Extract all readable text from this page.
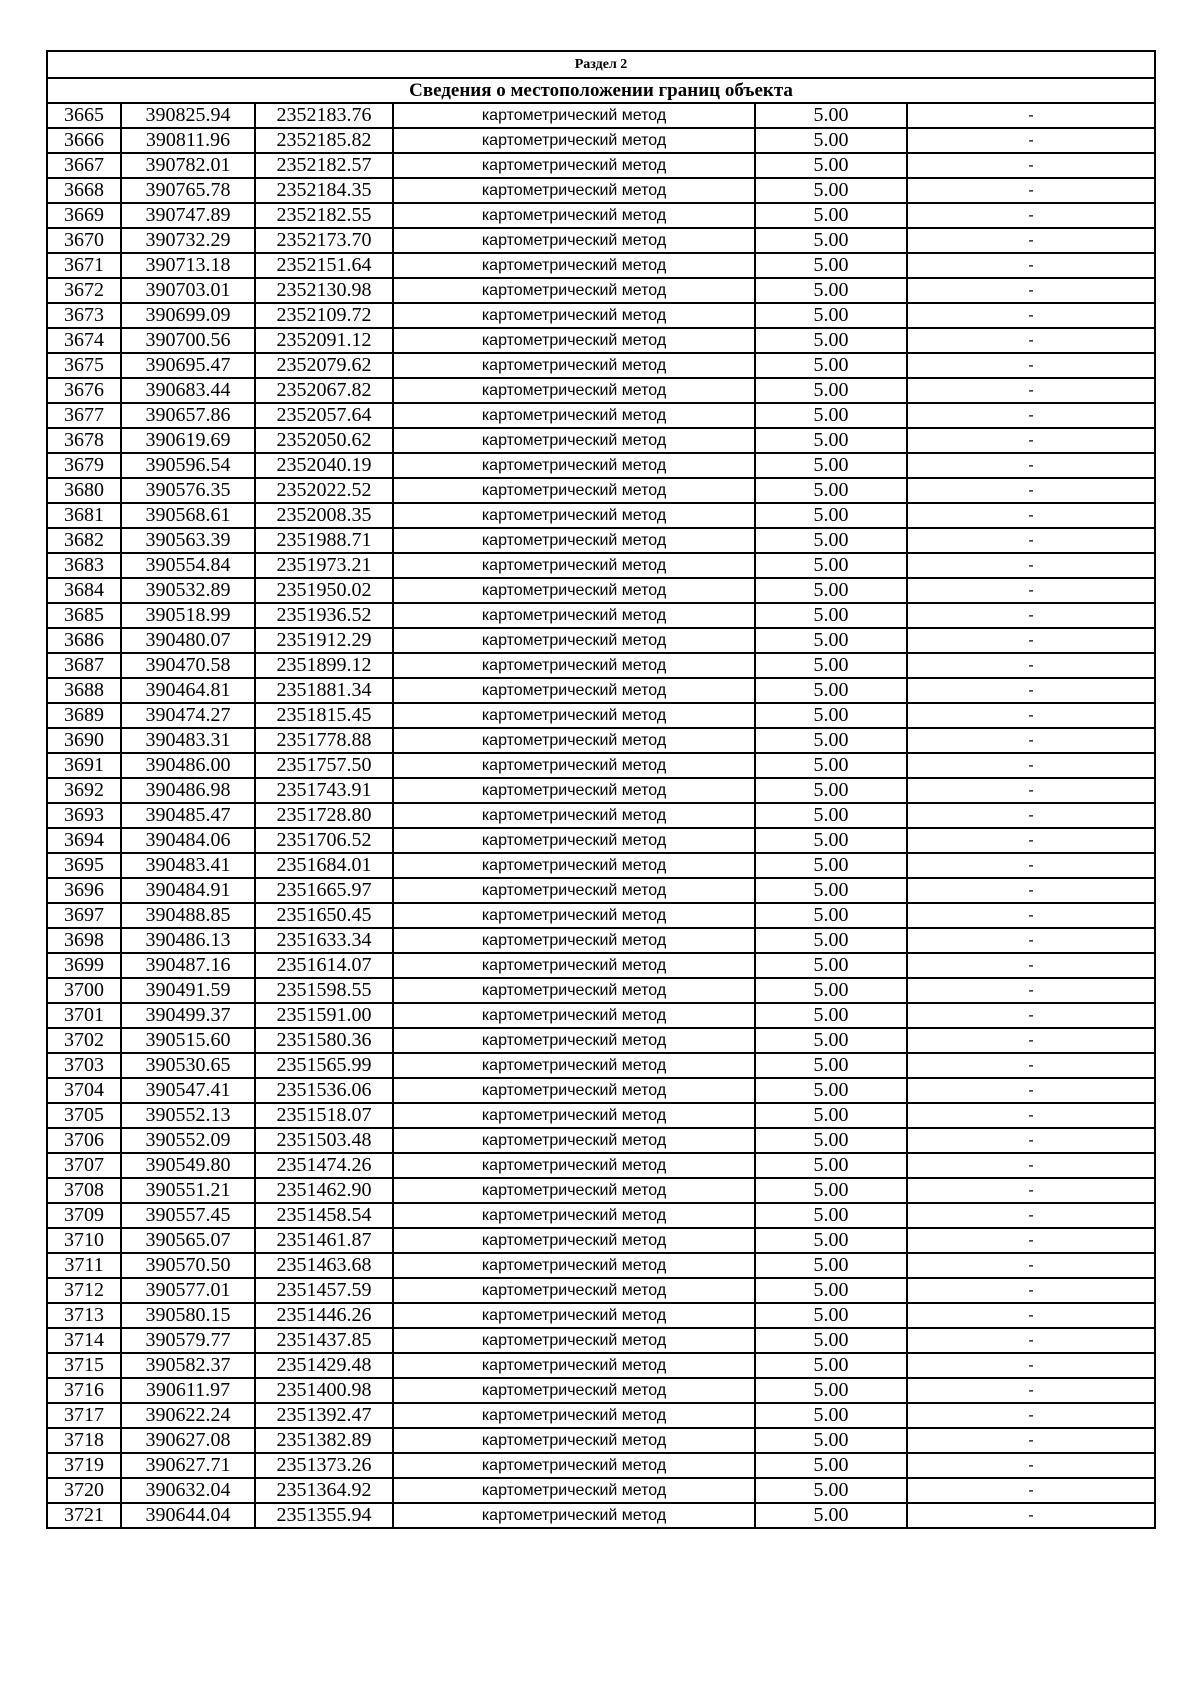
Раздел 2					
Сведения о местоположении границ объекта					
3665	390825.94	2352183.76	картометрический метод	5.00	-
3666	390811.96	2352185.82	картометрический метод	5.00	-
3667	390782.01	2352182.57	картометрический метод	5.00	-
3668	390765.78	2352184.35	картометрический метод	5.00	-
3669	390747.89	2352182.55	картометрический метод	5.00	-
3670	390732.29	2352173.70	картометрический метод	5.00	-
3671	390713.18	2352151.64	картометрический метод	5.00	-
3672	390703.01	2352130.98	картометрический метод	5.00	-
3673	390699.09	2352109.72	картометрический метод	5.00	-
3674	390700.56	2352091.12	картометрический метод	5.00	-
3675	390695.47	2352079.62	картометрический метод	5.00	-
3676	390683.44	2352067.82	картометрический метод	5.00	-
3677	390657.86	2352057.64	картометрический метод	5.00	-
3678	390619.69	2352050.62	картометрический метод	5.00	-
3679	390596.54	2352040.19	картометрический метод	5.00	-
3680	390576.35	2352022.52	картометрический метод	5.00	-
3681	390568.61	2352008.35	картометрический метод	5.00	-
3682	390563.39	2351988.71	картометрический метод	5.00	-
3683	390554.84	2351973.21	картометрический метод	5.00	-
3684	390532.89	2351950.02	картометрический метод	5.00	-
3685	390518.99	2351936.52	картометрический метод	5.00	-
3686	390480.07	2351912.29	картометрический метод	5.00	-
3687	390470.58	2351899.12	картометрический метод	5.00	-
3688	390464.81	2351881.34	картометрический метод	5.00	-
3689	390474.27	2351815.45	картометрический метод	5.00	-
3690	390483.31	2351778.88	картометрический метод	5.00	-
3691	390486.00	2351757.50	картометрический метод	5.00	-
3692	390486.98	2351743.91	картометрический метод	5.00	-
3693	390485.47	2351728.80	картометрический метод	5.00	-
3694	390484.06	2351706.52	картометрический метод	5.00	-
3695	390483.41	2351684.01	картометрический метод	5.00	-
3696	390484.91	2351665.97	картометрический метод	5.00	-
3697	390488.85	2351650.45	картометрический метод	5.00	-
3698	390486.13	2351633.34	картометрический метод	5.00	-
3699	390487.16	2351614.07	картометрический метод	5.00	-
3700	390491.59	2351598.55	картометрический метод	5.00	-
3701	390499.37	2351591.00	картометрический метод	5.00	-
3702	390515.60	2351580.36	картометрический метод	5.00	-
3703	390530.65	2351565.99	картометрический метод	5.00	-
3704	390547.41	2351536.06	картометрический метод	5.00	-
3705	390552.13	2351518.07	картометрический метод	5.00	-
3706	390552.09	2351503.48	картометрический метод	5.00	-
3707	390549.80	2351474.26	картометрический метод	5.00	-
3708	390551.21	2351462.90	картометрический метод	5.00	-
3709	390557.45	2351458.54	картометрический метод	5.00	-
3710	390565.07	2351461.87	картометрический метод	5.00	-
3711	390570.50	2351463.68	картометрический метод	5.00	-
3712	390577.01	2351457.59	картометрический метод	5.00	-
3713	390580.15	2351446.26	картометрический метод	5.00	-
3714	390579.77	2351437.85	картометрический метод	5.00	-
3715	390582.37	2351429.48	картометрический метод	5.00	-
3716	390611.97	2351400.98	картометрический метод	5.00	-
3717	390622.24	2351392.47	картометрический метод	5.00	-
3718	390627.08	2351382.89	картометрический метод	5.00	-
3719	390627.71	2351373.26	картометрический метод	5.00	-
3720	390632.04	2351364.92	картометрический метод	5.00	-
3721	390644.04	2351355.94	картометрический метод	5.00	-
